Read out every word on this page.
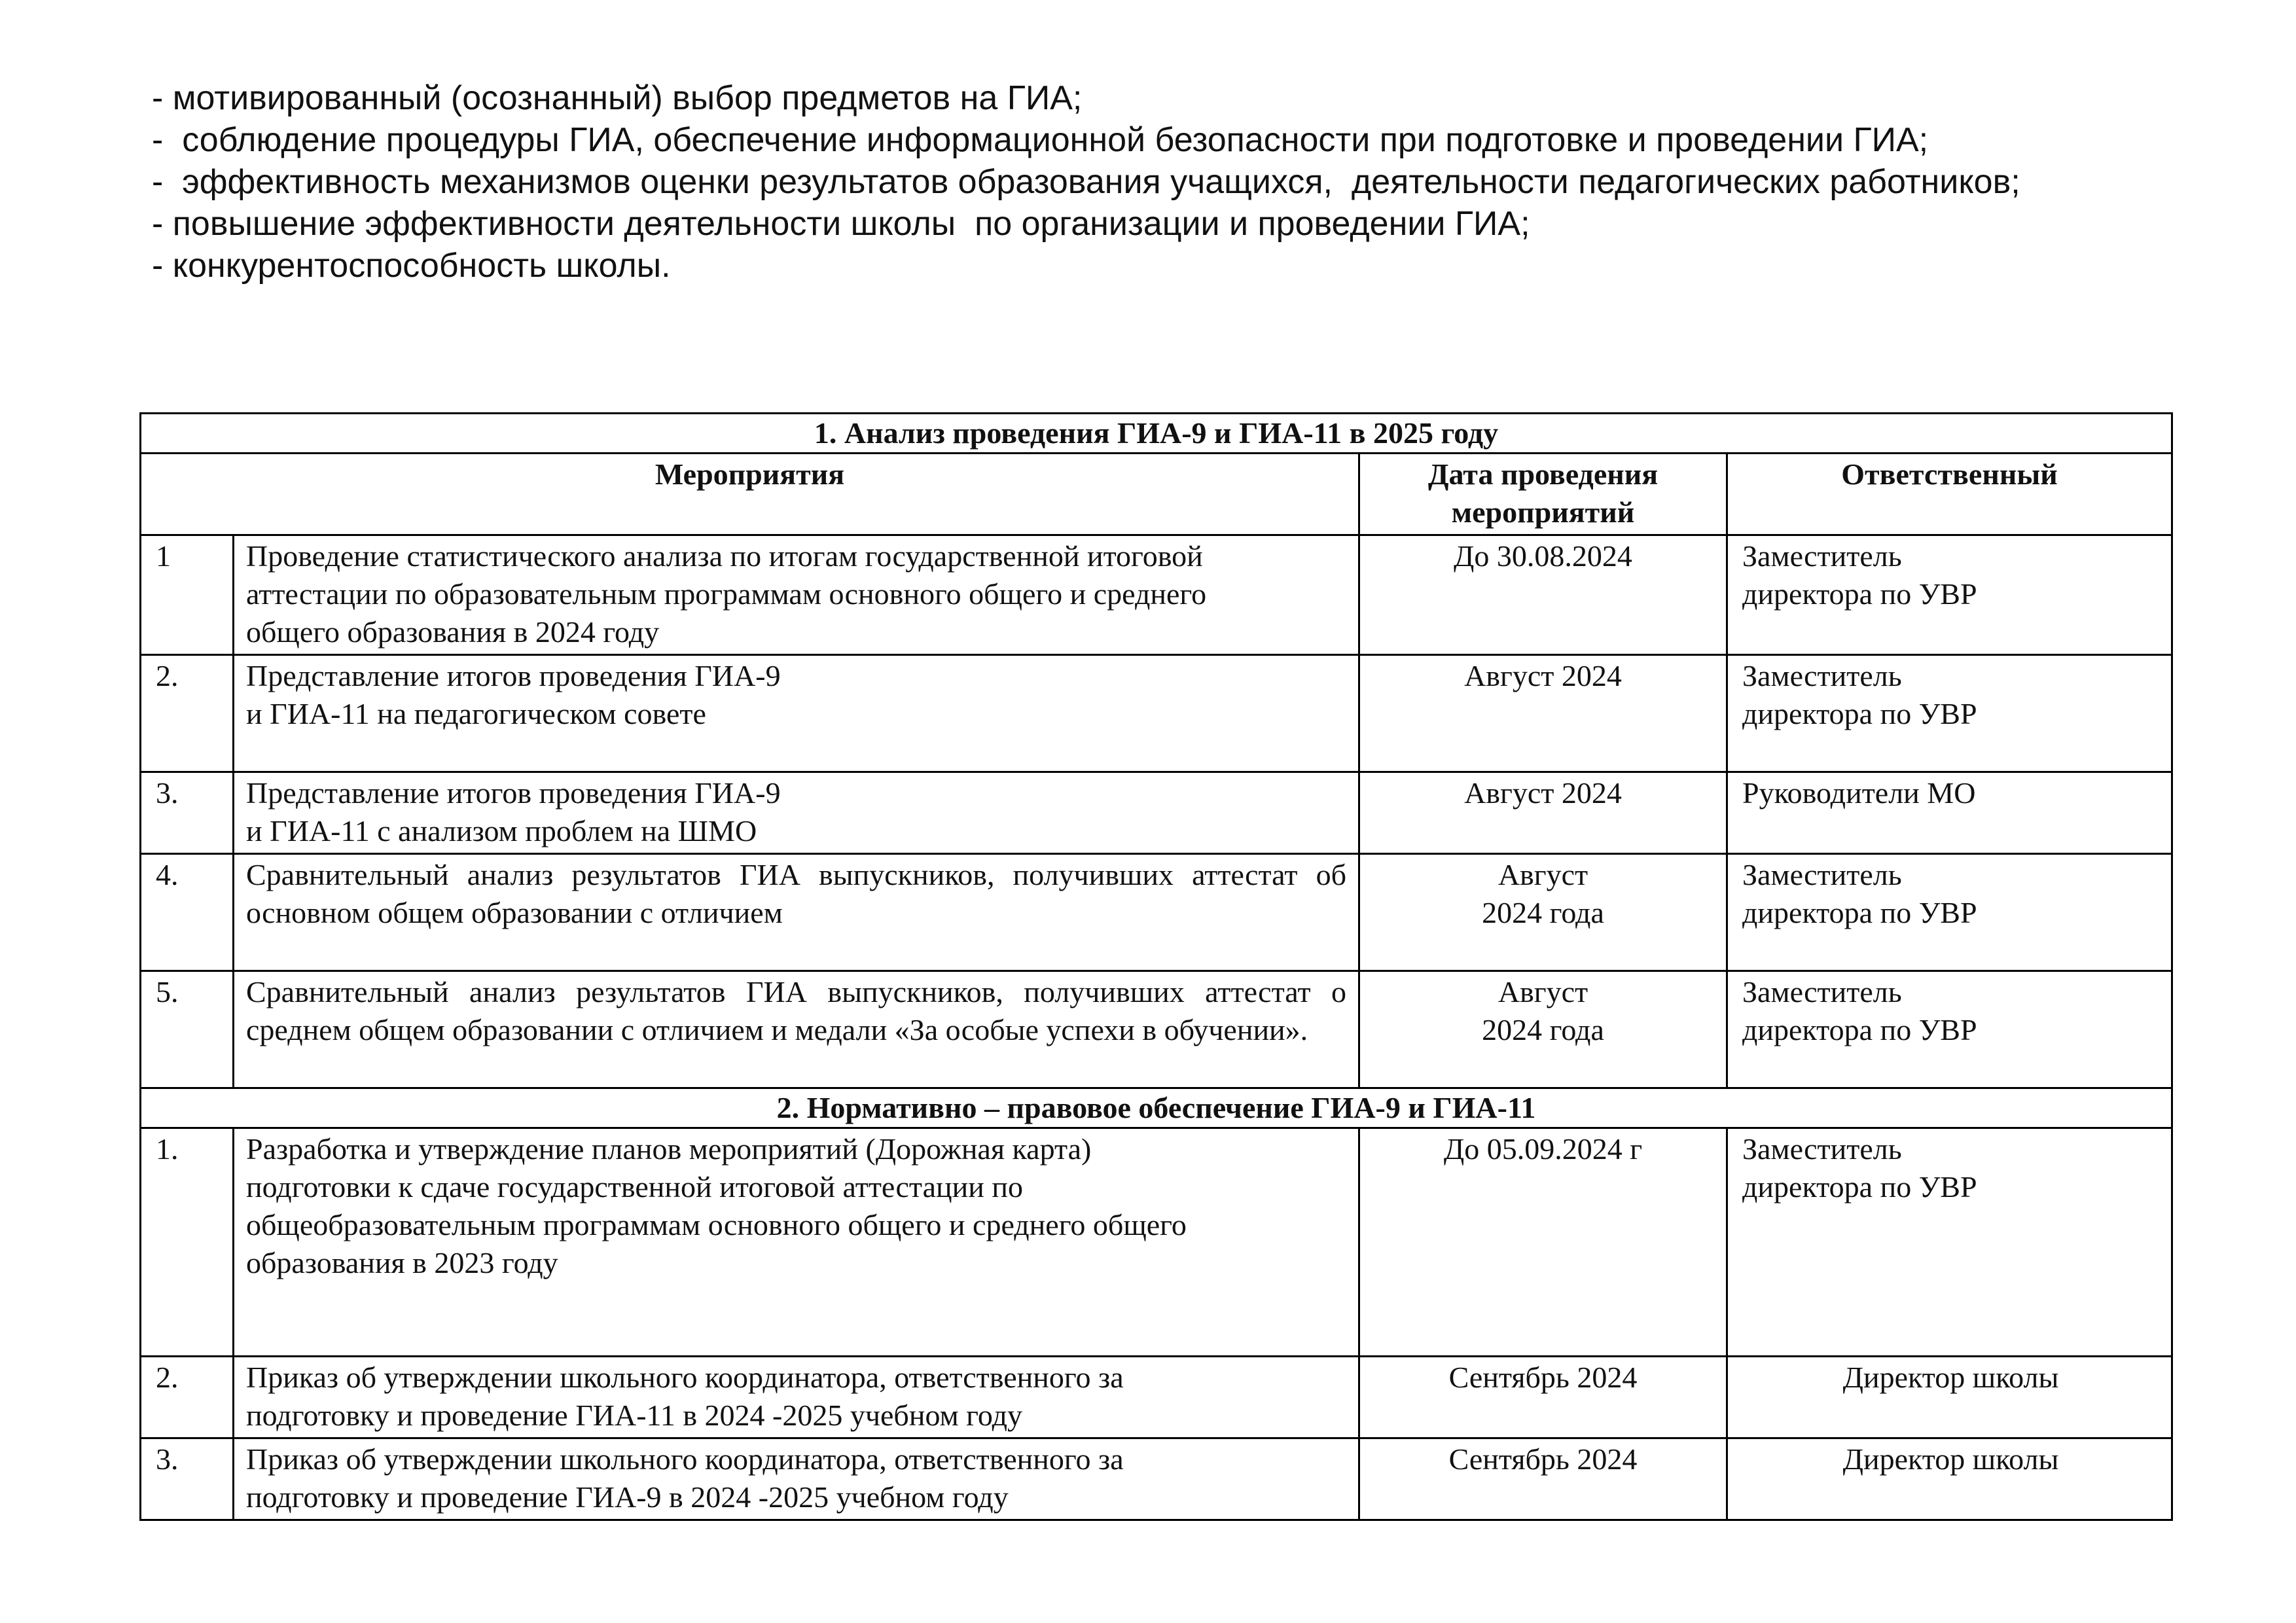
- мотивированный (осознанный) выбор предметов на ГИА;
-  соблюдение процедуры ГИА, обеспечение информационной безопасности при подготовке и проведении ГИА;
-  эффективность механизмов оценки результатов образования учащихся,  деятельности педагогических работников;
- повышение эффективности деятельности школы  по организации и проведении ГИА;
- конкурентоспособность школы.
1. Анализ проведения ГИА-9 и ГИА-11 в 2025 году			
Мероприятия		Дата проведения
мероприятий	Ответственный
1	Проведение статистического анализа по итогам государственной итоговой
аттестации по образовательным программам основного общего и среднего
общего образования в 2024 году	До 30.08.2024	Заместитель
директора по УВР
2.	Представление итогов проведения ГИА-9
и ГИА-11 на педагогическом совете	Август 2024	Заместитель
директора по УВР
3.	Представление итогов проведения ГИА-9
и ГИА-11 с анализом проблем на ШМО	Август 2024	Руководители МО
4.	Сравнительный анализ результатов ГИА выпускников, получивших аттестат об основном общем образовании с отличием	Август
2024 года	Заместитель
директора по УВР
5.	Сравнительный анализ результатов ГИА выпускников, получивших аттестат о среднем общем образовании с отличием и медали «За особые успехи в обучении».	Август
2024 года	Заместитель
директора по УВР
2. Нормативно – правовое обеспечение ГИА-9 и ГИА-11			
1.	Разработка и утверждение планов мероприятий (Дорожная карта)
подготовки к сдаче государственной итоговой аттестации по
общеобразовательным программам основного общего и среднего общего
образования в 2023 году	До 05.09.2024 г	Заместитель
директора по УВР
2.	Приказ об утверждении школьного координатора, ответственного за
подготовку и проведение ГИА-11 в 2024 -2025 учебном году	Сентябрь 2024	Директор школы
3.	Приказ об утверждении школьного координатора, ответственного за
подготовку и проведение ГИА-9 в 2024 -2025 учебном году	Сентябрь 2024	Директор школы
